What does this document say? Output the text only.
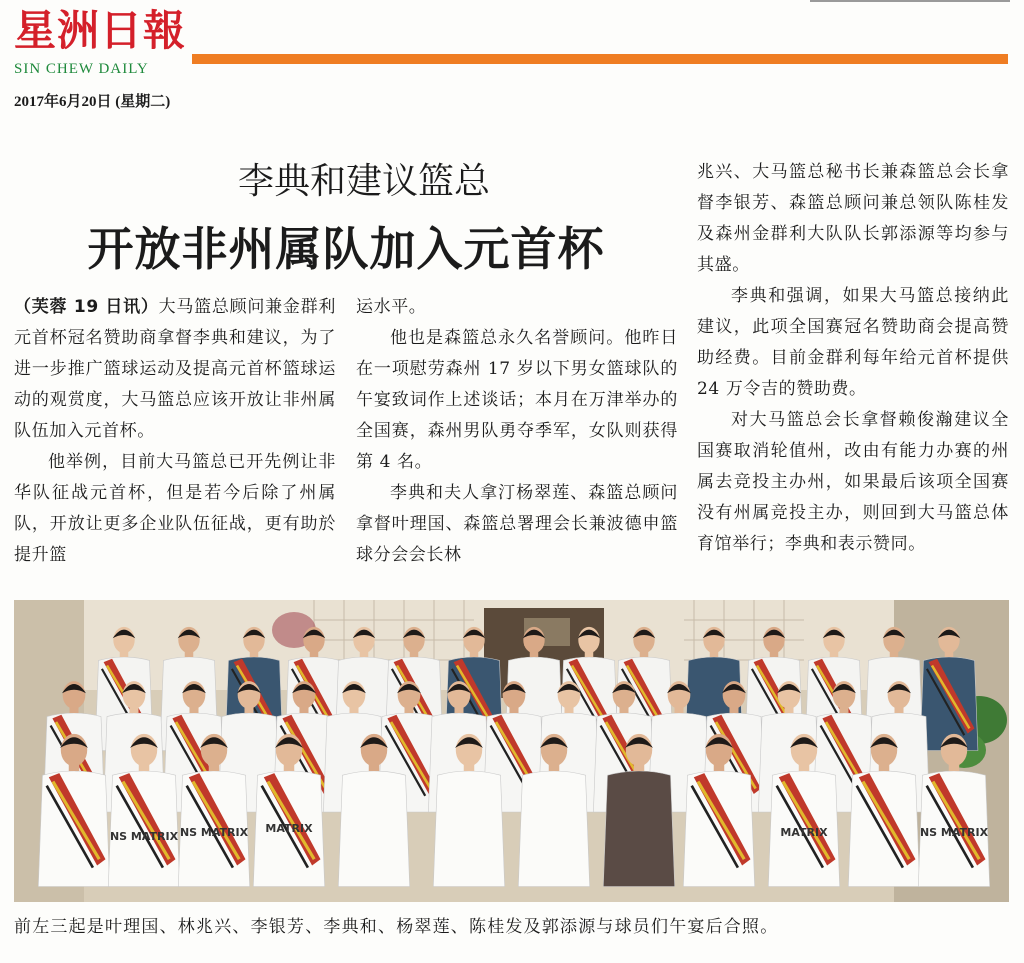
星洲日報
SIN CHEW DAILY
2017年6月20日 (星期二)
李典和建议篮总
开放非州属队加入元首杯

（芙蓉 19 日讯）大马篮总顾问兼金群利元首杯冠名赞助商拿督李典和建议，为了进一步推广篮球运动及提高元首杯篮球运动的观赏度，大马篮总应该开放让非州属队伍加入元首杯。

他举例，目前大马篮总已开先例让非华队征战元首杯，但是若今后除了州属队，开放让更多企业队伍征战，更有助於提升篮

运水平。

他也是森篮总永久名誉顾问。他昨日在一项慰劳森州 17 岁以下男女篮球队的午宴致词作上述谈话；本月在万津举办的全国赛，森州男队勇夺季军，女队则获得第 4 名。

李典和夫人拿汀杨翠莲、森篮总顾问拿督叶理国、森篮总署理会长兼波德申篮球分会会长林

兆兴、大马篮总秘书长兼森篮总会长拿督李银芳、森篮总顾问兼总领队陈桂发及森州金群利大队队长郭添源等均参与其盛。

李典和强调，如果大马篮总接纳此建议，此项全国赛冠名赞助商会提高赞助经费。目前金群利每年给元首杯提供 24 万令吉的赞助费。

对大马篮总会长拿督赖俊瀚建议全国赛取消轮值州，改由有能力办赛的州属去竞投主办州，如果最后该项全国赛没有州属竞投主办，则回到大马篮总体育馆举行；李典和表示赞同。

NS MATRIX NS MATRIX MATRIX	MATRIX	NS MATRIX
前左三起是叶理国、林兆兴、李银芳、李典和、杨翠莲、陈桂发及郭添源与球员们午宴后合照。
